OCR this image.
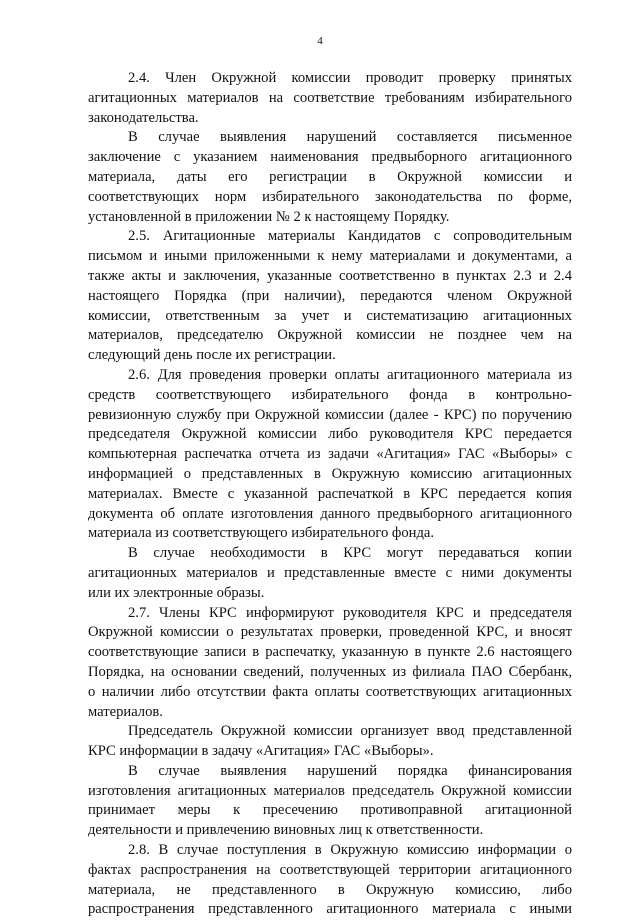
4
2.4. Член Окружной комиссии проводит проверку принятых
агитационных материалов на соответствие требованиям избирательного
законодательства.
В случае выявления нарушений составляется письменное
заключение с указанием наименования предвыборного агитационного
материала, даты его регистрации в Окружной комиссии и
соответствующих норм избирательного законодательства по форме,
установленной в приложении № 2 к настоящему Порядку.
2.5. Агитационные материалы Кандидатов с сопроводительным
письмом и иными приложенными к нему материалами и документами, а
также акты и заключения, указанные соответственно в пунктах 2.3 и 2.4
настоящего Порядка (при наличии), передаются членом Окружной
комиссии, ответственным за учет и систематизацию агитационных
материалов, председателю Окружной комиссии не позднее чем на
следующий день после их регистрации.
2.6. Для проведения проверки оплаты агитационного материала из
средств соответствующего избирательного фонда в контрольно-
ревизионную службу при Окружной комиссии (далее - КРС) по поручению
председателя Окружной комиссии либо руководителя КРС передается
компьютерная распечатка отчета из задачи «Агитация» ГАС «Выборы» с
информацией о представленных в Окружную комиссию агитационных
материалах. Вместе с указанной распечаткой в КРС передается копия
документа об оплате изготовления данного предвыборного агитационного
материала из соответствующего избирательного фонда.
В случае необходимости в КРС могут передаваться копии
агитационных материалов и представленные вместе с ними документы
или их электронные образы.
2.7. Члены КРС информируют руководителя КРС и председателя
Окружной комиссии о результатах проверки, проведенной КРС, и вносят
соответствующие записи в распечатку, указанную в пункте 2.6 настоящего
Порядка, на основании сведений, полученных из филиала ПАО Сбербанк,
о наличии либо отсутствии факта оплаты соответствующих агитационных
материалов.
Председатель Окружной комиссии организует ввод представленной
КРС информации в задачу «Агитация» ГАС «Выборы».
В случае выявления нарушений порядка финансирования
изготовления агитационных материалов председатель Окружной комиссии
принимает меры к пресечению противоправной агитационной
деятельности и привлечению виновных лиц к ответственности.
2.8. В случае поступления в Окружную комиссию информации о
фактах распространения на соответствующей территории агитационного
материала, не представленного в Окружную комиссию, либо
распространения представленного агитационного материала с иными
